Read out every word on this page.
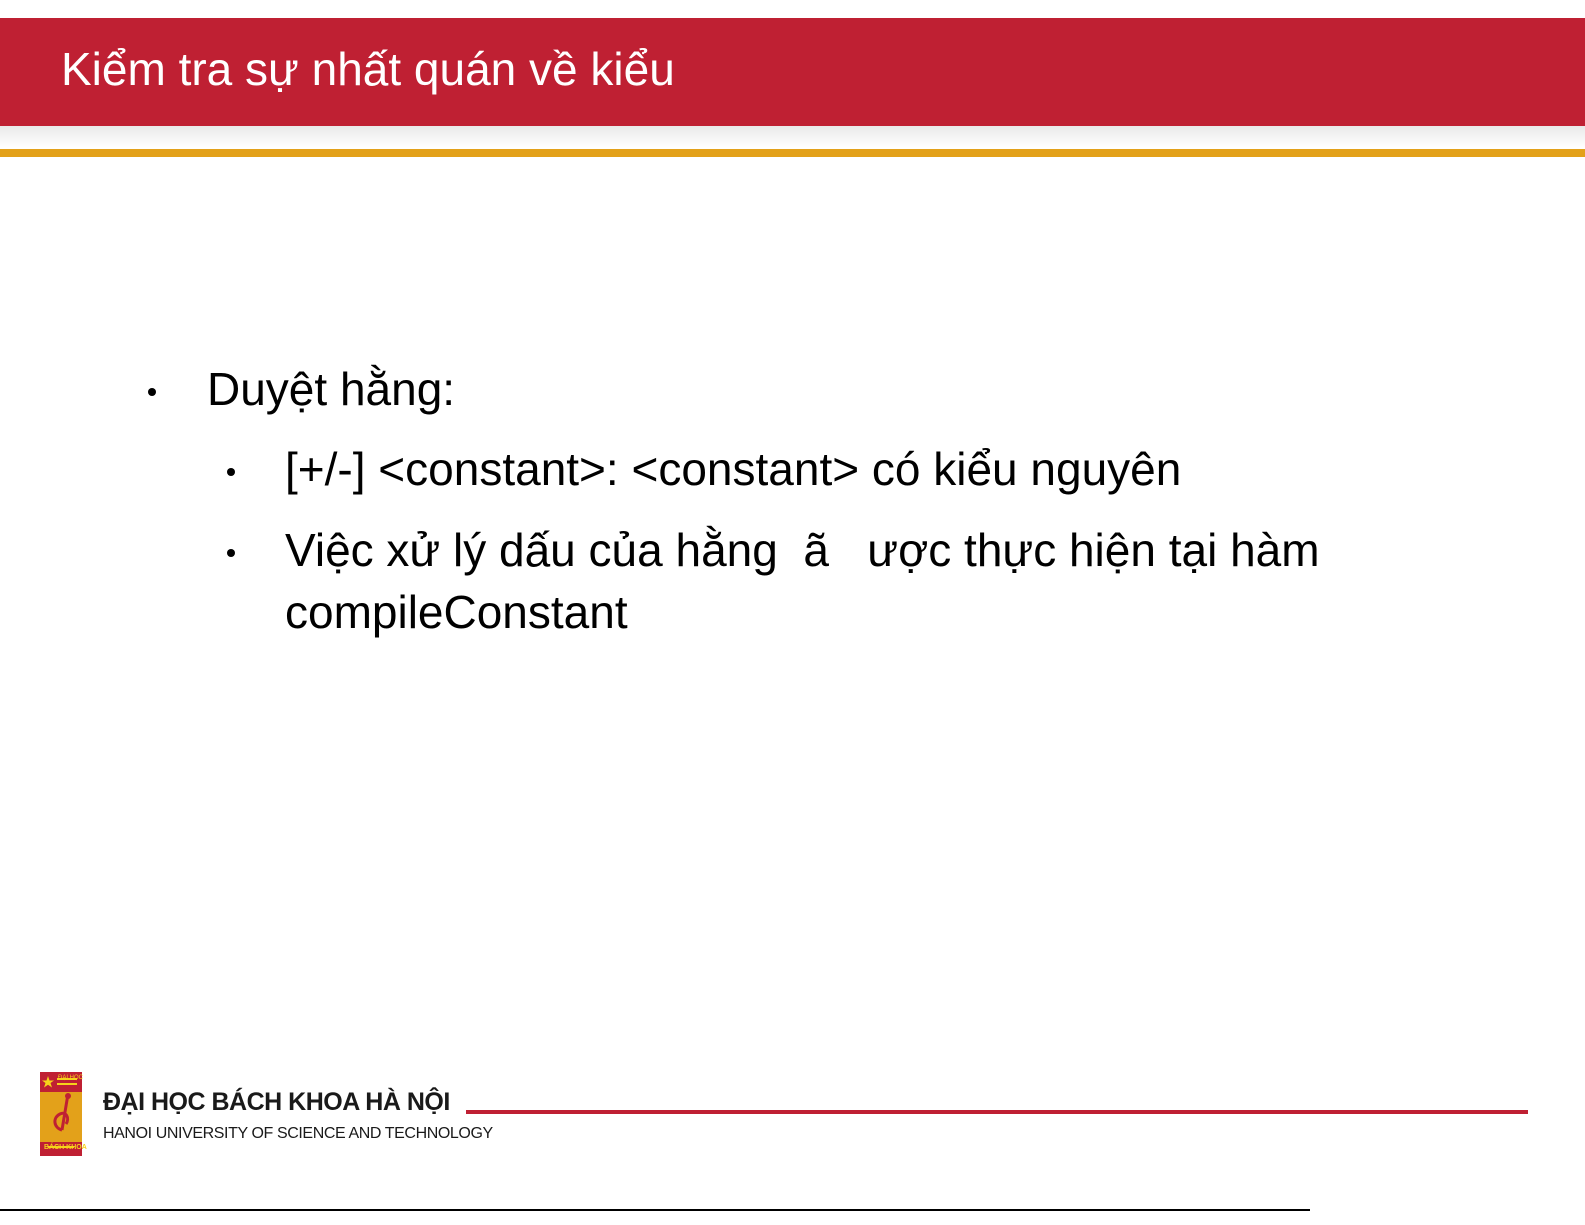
Kiểm tra sự nhất quán về kiểu
Duyệt hằng:
[+/-] <constant>: <constant> có kiểu nguyên
Việc xử lý dấu của hằng  ã   ược thực hiện tại hàm compileConstant
ĐẠI HỌC
BÁCH KHOA
ĐẠI HỌC BÁCH KHOA HÀ NỘI
HANOI UNIVERSITY OF SCIENCE AND TECHNOLOGY
